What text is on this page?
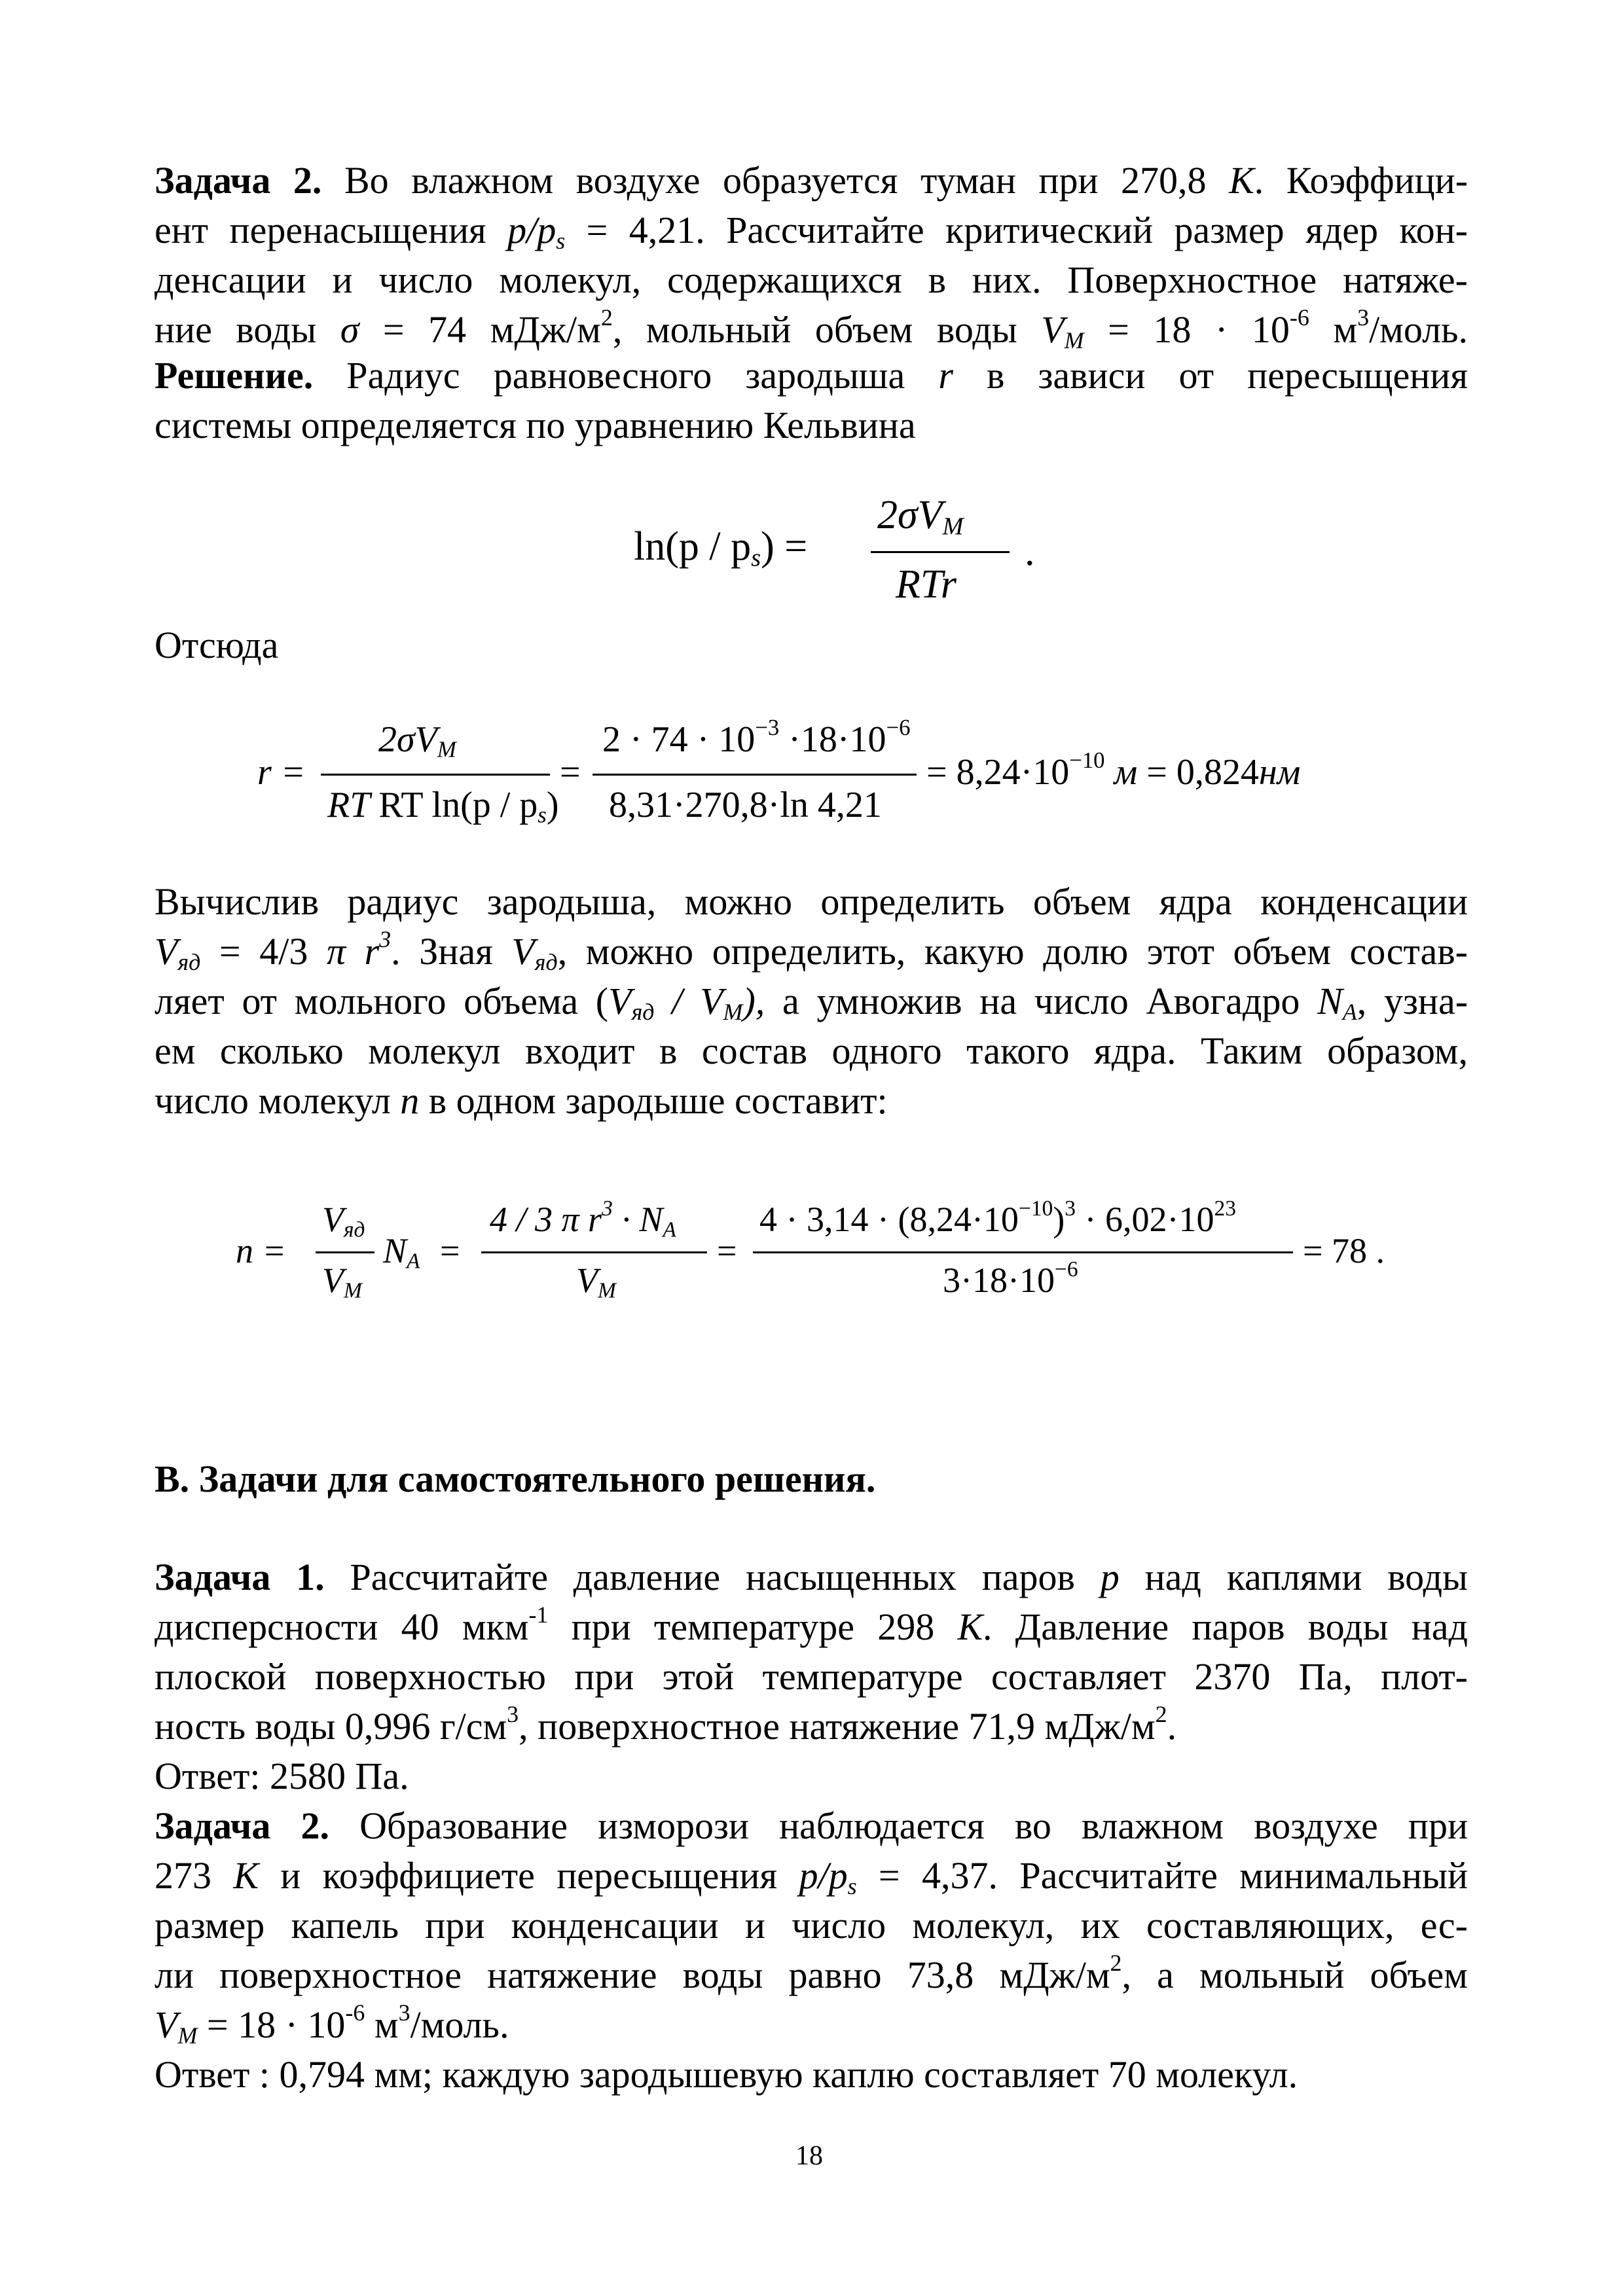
Задача 2. Во влажном воздухе образуется туман при 270,8 К. Коэффици-
ент перенасыщения $p/p_s = 4,21$. Рассчитайте критический размер ядер кон-
денсации и число молекул, содержащихся в них. Поверхностное натяже-
ние воды σ = 74 мДж/$м^2$, мольный объем воды $V_M = 18 \cdot 10^{-6}$ $м^3$/моль.
Решение. Радиус равновесного зародыша r в зависи от пересыщения
системы определяется по уравнению Кельвина
$\ln(p / p_s)$ =
$2\sigma V_M$
RTr
.
Отсюда
r =
$2\sigma V_M$
RT RT $\ln(p / p_s)$
=
$2 \cdot 74 \cdot 10^{-3} \cdot 18\cdot 10^{-6}$
8,31·270,8·ln 4,21
= $8,24\cdot 10^{-10}$ м = 0,824нм
Вычислив радиус зародыша, можно определить объем ядра конденсации
$V_{яд} = 4/3$ π $r^3$. Зная $V_{яд}$, можно определить, какую долю этот объем состав-
ляет от мольного объема $(V_{яд} / V_M)$, а умножив на число Авогадро $N_A$, узна-
ем сколько молекул входит в состав одного такого ядра. Таким образом,
число молекул n в одном зародыше составит:
n =
$V_{яд}$
$V_M$
$N_A$ =
4 / 3 π $r^3 \cdot N_A$
$V_M$
=
$4 \cdot 3,14 \cdot (8,24\cdot 10^{-10})^3 \cdot 6,02\cdot 10^{23}$
$3\cdot 18\cdot 10^{-6}$	= 78 .
В. Задачи для самостоятельного решения.
Задача 1. Рассчитайте давление насыщенных паров p над каплями воды
дисперсности 40 мкм$^{-1}$ при температуре 298 К. Давление паров воды над
плоской поверхностью при этой температуре составляет 2370 Па, плот-
ность воды 0,996 $г/см^3$, поверхностное натяжение 71,9 мДж/$м^2$.
Ответ: 2580 Па.
Задача 2. Образование изморози наблюдается во влажном воздухе при
273 К и коэффициете пересыщения $p/p_s = 4,37$. Рассчитайте минимальный
размер капель при конденсации и число молекул, их составляющих, ес-
ли поверхностное натяжение воды равно 73,8 мДж/$м^2$, а мольный объем
$V_M = 18 \cdot 10^{-6}$ $м^3$/моль.
Ответ : 0,794 мм; каждую зародышевую каплю составляет 70 молекул.
18
